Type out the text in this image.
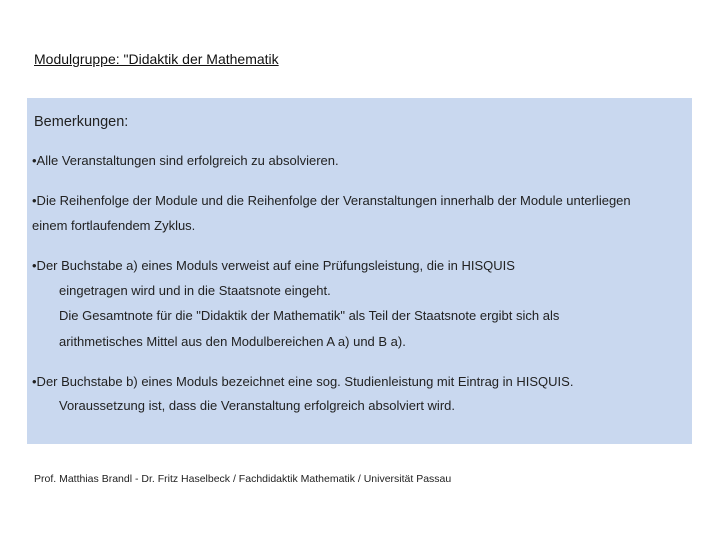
Modulgruppe: "Didaktik der Mathematik
Bemerkungen:
•Alle Veranstaltungen sind erfolgreich zu absolvieren.
•Die Reihenfolge der Module und die Reihenfolge der Veranstaltungen innerhalb der Module unterliegen
einem fortlaufendem Zyklus.
•Der Buchstabe a) eines Moduls verweist auf eine Prüfungsleistung, die in HISQUIS
eingetragen wird und in die Staatsnote eingeht.
Die Gesamtnote für die "Didaktik der Mathematik" als Teil der Staatsnote ergibt sich als
arithmetisches Mittel aus den Modulbereichen A a) und B a).
•Der Buchstabe b) eines Moduls bezeichnet eine sog. Studienleistung mit Eintrag in HISQUIS.
Voraussetzung ist, dass die Veranstaltung erfolgreich absolviert wird.
Prof. Matthias Brandl - Dr. Fritz Haselbeck / Fachdidaktik Mathematik / Universität Passau
